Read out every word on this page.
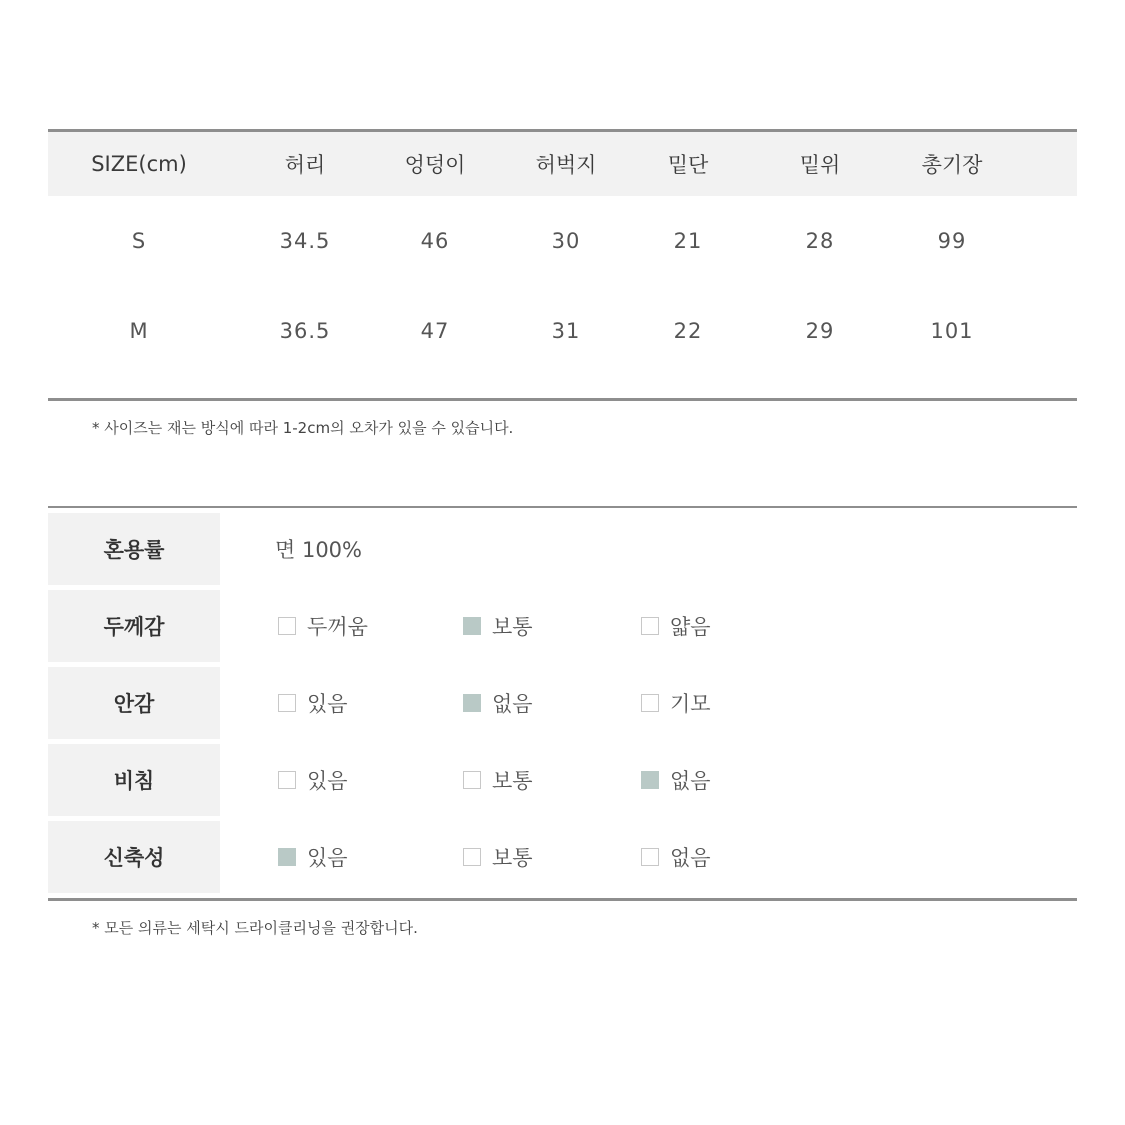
SIZE(cm)	허리	엉덩이	허벅지	밑단	밑위	총기장
S	34.5	46	30	21	28	99
M	36.5	47	31	22	29	101
* 사이즈는 재는 방식에 따라 1-2cm의 오차가 있을 수 있습니다.
혼용률	면 100%
두께감	두꺼움	보통	얇음
안감	있음	없음	기모
비침	있음	보통	없음
신축성	있음	보통	없음
* 모든 의류는 세탁시 드라이클리닝을 권장합니다.
